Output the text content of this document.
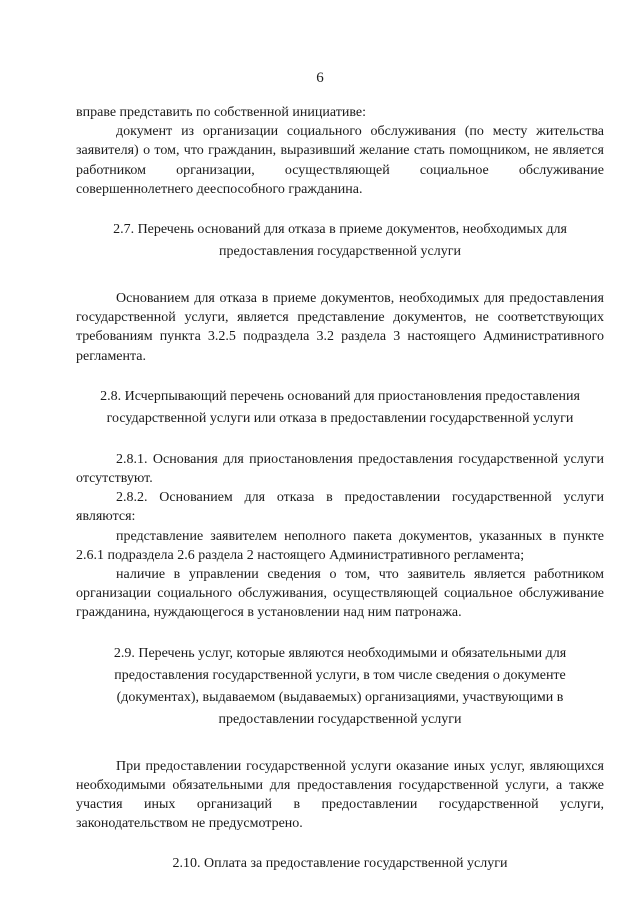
6

вправе представить по собственной инициативе:

документ из организации социального обслуживания (по месту жительства заявителя) о том, что гражданин, выразивший желание стать помощником, не является работником организации, осуществляющей социальное обслуживание совершеннолетнего дееспособного гражданина.

2.7. Перечень оснований для отказа в приеме документов, необходимых для предоставления государственной услуги

Основанием для отказа в приеме документов, необходимых для предоставления государственной услуги, является представление документов, не соответствующих требованиям пункта 3.2.5 подраздела 3.2 раздела 3 настоящего Административного регламента.

2.8. Исчерпывающий перечень оснований для приостановления предоставления государственной услуги или отказа в предоставлении государственной услуги

2.8.1. Основания для приостановления предоставления государственной услуги отсутствуют.

2.8.2. Основанием для отказа в предоставлении государственной услуги являются:

представление заявителем неполного пакета документов, указанных в пункте 2.6.1 подраздела 2.6 раздела 2 настоящего Административного регламента;

наличие в управлении сведения о том, что заявитель является работником организации социального обслуживания, осуществляющей социальное обслуживание гражданина, нуждающегося в установлении над ним патронажа.

2.9. Перечень услуг, которые являются необходимыми и обязательными для предоставления государственной услуги, в том числе сведения о документе (документах), выдаваемом (выдаваемых) организациями, участвующими в предоставлении государственной услуги

При предоставлении государственной услуги оказание иных услуг, являющихся необходимыми обязательными для предоставления государственной услуги, а также участия иных организаций в предоставлении государственной услуги, законодательством не предусмотрено.

2.10. Оплата за предоставление государственной услуги
